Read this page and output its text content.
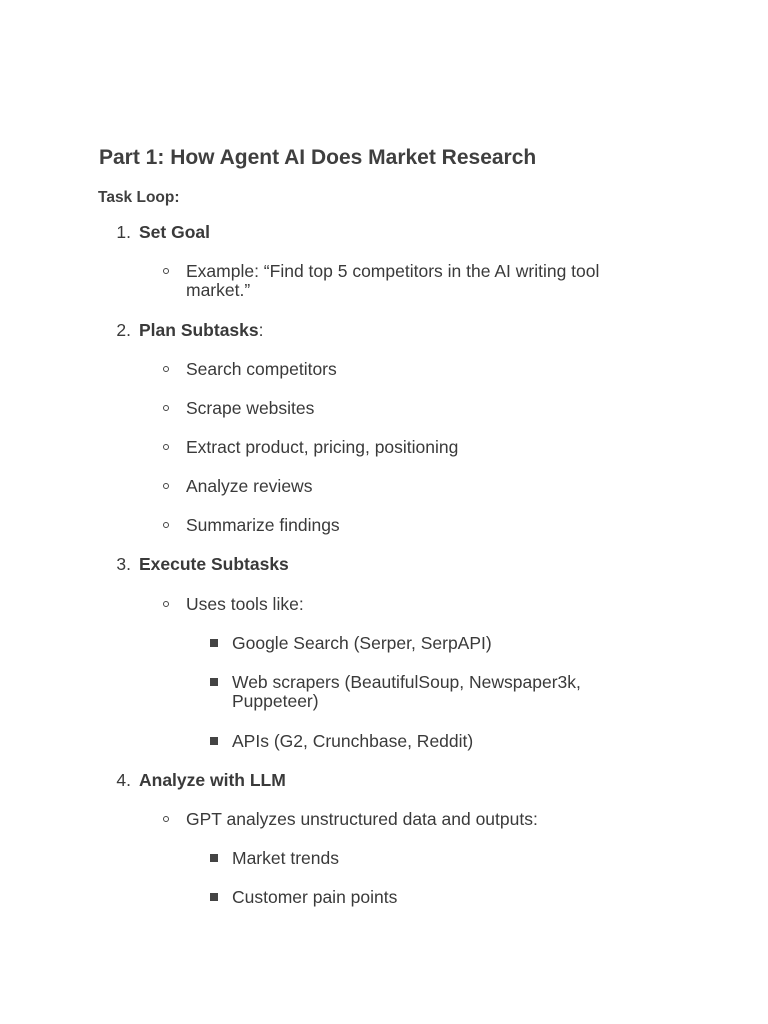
Part 1: How Agent AI Does Market Research

Task Loop:

1. Set Goal
Example: “Find top 5 competitors in the AI writing tool market.”
2. Plan Subtasks:
Search competitors
Scrape websites
Extract product, pricing, positioning
Analyze reviews
Summarize findings
3. Execute Subtasks
Uses tools like:
Google Search (Serper, SerpAPI)
Web scrapers (BeautifulSoup, Newspaper3k, Puppeteer)
APIs (G2, Crunchbase, Reddit)
4. Analyze with LLM
GPT analyzes unstructured data and outputs:
Market trends
Customer pain points
